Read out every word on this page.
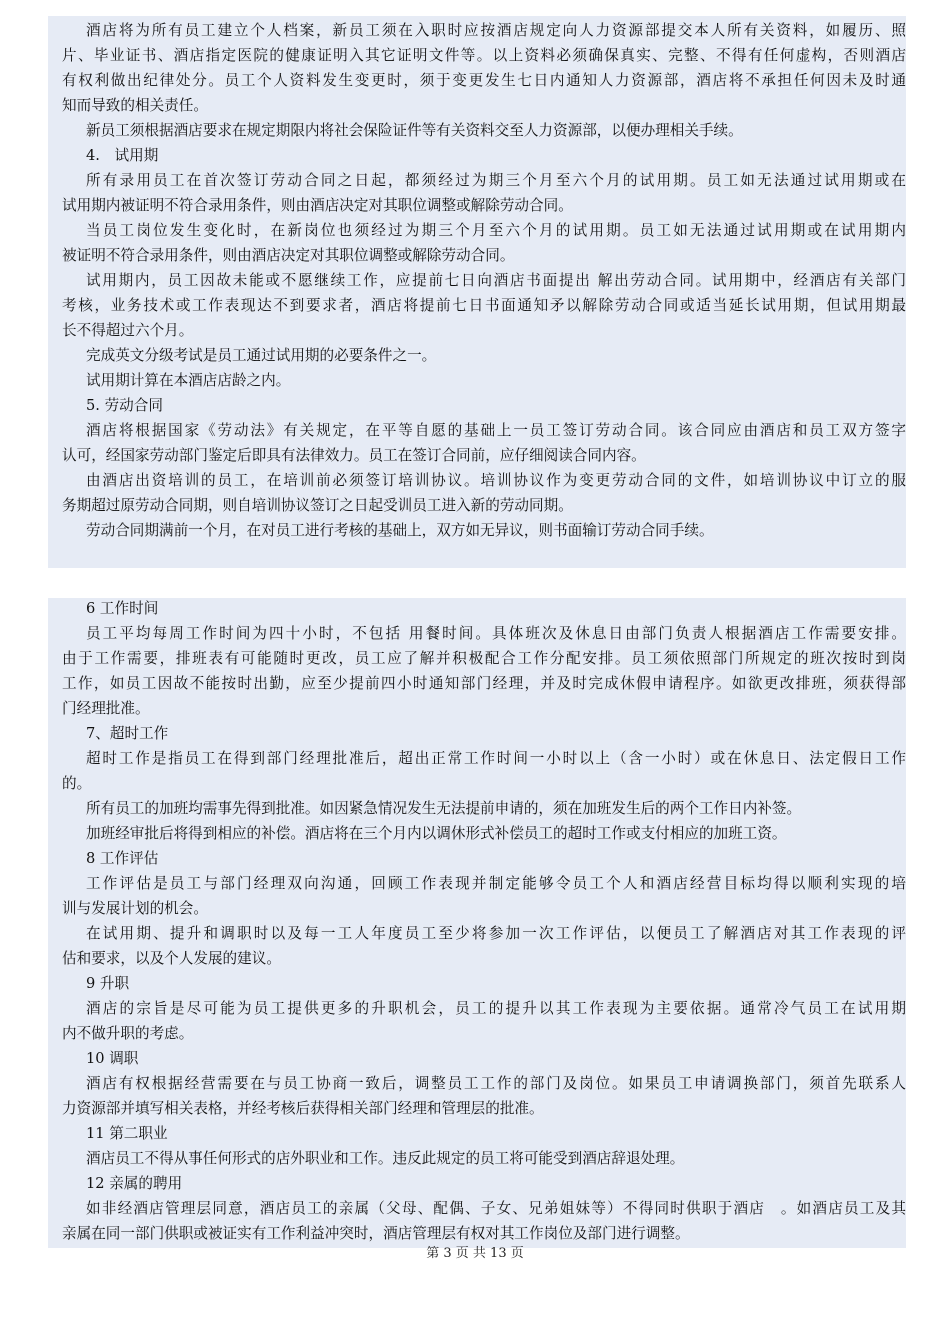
酒店将为所有员工建立个人档案，新员工须在入职时应按酒店规定向人力资源部提交本人所有关资料，如履历、照
片、毕业证书、酒店指定医院的健康证明入其它证明文件等。以上资料必须确保真实、完整、不得有任何虚构，否则酒店
有权利做出纪律处分。员工个人资料发生变更时，须于变更发生七日内通知人力资源部，酒店将不承担任何因未及时通
知而导致的相关责任。
新员工须根据酒店要求在规定期限内将社会保险证件等有关资料交至人力资源部，以便办理相关手续。
4.　试用期
所有录用员工在首次签订劳动合同之日起，都须经过为期三个月至六个月的试用期。员工如无法通过试用期或在
试用期内被证明不符合录用条件，则由酒店决定对其职位调整或解除劳动合同。
当员工岗位发生变化时，在新岗位也须经过为期三个月至六个月的试用期。员工如无法通过试用期或在试用期内
被证明不符合录用条件，则由酒店决定对其职位调整或解除劳动合同。
试用期内，员工因故未能或不愿继续工作，应提前七日向酒店书面提出 解出劳动合同。试用期中，经酒店有关部门
考核，业务技术或工作表现达不到要求者，酒店将提前七日书面通知矛以解除劳动合同或适当延长试用期，但试用期最
长不得超过六个月。
完成英文分级考试是员工通过试用期的必要条件之一。
试用期计算在本酒店店龄之内。
5. 劳动合同
酒店将根据国家《劳动法》有关规定，在平等自愿的基础上一员工签订劳动合同。该合同应由酒店和员工双方签字
认可，经国家劳动部门鉴定后即具有法律效力。员工在签订合同前，应仔细阅读合同内容。
由酒店出资培训的员工，在培训前必须签订培训协议。培训协议作为变更劳动合同的文件，如培训协议中订立的服
务期超过原劳动合同期，则自培训协议签订之日起受训员工进入新的劳动同期。
劳动合同期满前一个月，在对员工进行考核的基础上，双方如无异议，则书面输订劳动合同手续。
6 工作时间
员工平均每周工作时间为四十小时，不包括 用餐时间。具体班次及休息日由部门负责人根据酒店工作需要安排。
由于工作需要，排班表有可能随时更改，员工应了解并积极配合工作分配安排。员工须依照部门所规定的班次按时到岗
工作，如员工因故不能按时出勤，应至少提前四小时通知部门经理，并及时完成休假申请程序。如欲更改排班，须获得部
门经理批准。
7、超时工作
超时工作是指员工在得到部门经理批准后，超出正常工作时间一小时以上（含一小时）或在休息日、法定假日工作
的。
所有员工的加班均需事先得到批准。如因紧急情况发生无法提前申请的，须在加班发生后的两个工作日内补签。
加班经审批后将得到相应的补偿。酒店将在三个月内以调休形式补偿员工的超时工作或支付相应的加班工资。
8 工作评估
工作评估是员工与部门经理双向沟通，回顾工作表现并制定能够令员工个人和酒店经营目标均得以顺利实现的培
训与发展计划的机会。
在试用期、提升和调职时以及每一工人年度员工至少将参加一次工作评估，以便员工了解酒店对其工作表现的评
估和要求，以及个人发展的建议。
9 升职
酒店的宗旨是尽可能为员工提供更多的升职机会，员工的提升以其工作表现为主要依据。通常冷气员工在试用期
内不做升职的考虑。
10 调职
酒店有权根据经营需要在与员工协商一致后，调整员工工作的部门及岗位。如果员工申请调换部门，须首先联系人
力资源部并填写相关表格，并经考核后获得相关部门经理和管理层的批准。
11 第二职业
酒店员工不得从事任何形式的店外职业和工作。违反此规定的员工将可能受到酒店辞退处理。
12 亲属的聘用
如非经酒店管理层同意，酒店员工的亲属（父母、配偶、子女、兄弟姐妹等）不得同时供职于酒店　。如酒店员工及其
亲属在同一部门供职或被证实有工作利益冲突时，酒店管理层有权对其工作岗位及部门进行调整。
第 3 页 共 13 页
